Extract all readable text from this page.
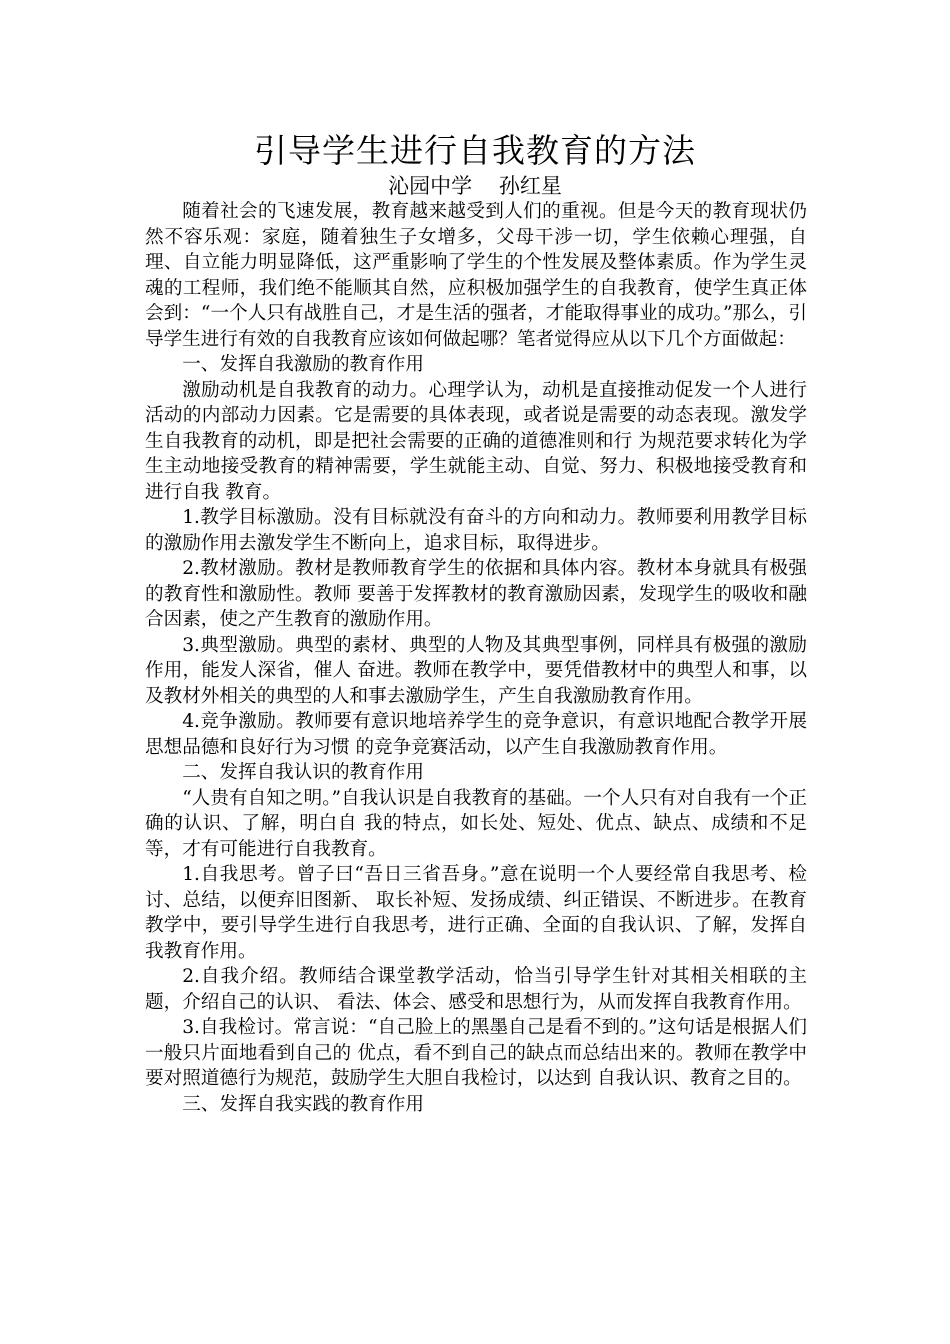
引导学生进行自我教育的方法
沁园中学    孙红星

随着社会的飞速发展，教育越来越受到人们的重视。但是今天的教育现状仍然不容乐观：家庭，随着独生子女增多，父母干涉一切，学生依赖心理强，自理、自立能力明显降低，这严重影响了学生的个性发展及整体素质。作为学生灵魂的工程师，我们绝不能顺其自然，应积极加强学生的自我教育，使学生真正体会到：“一个人只有战胜自己，才是生活的强者，才能取得事业的成功。”那么，引导学生进行有效的自我教育应该如何做起哪？笔者觉得应从以下几个方面做起：

一、发挥自我激励的教育作用

激励动机是自我教育的动力。心理学认为，动机是直接推动促发一个人进行活动的内部动力因素。它是需要的具体表现，或者说是需要的动态表现。激发学生自我教育的动机，即是把社会需要的正确的道德准则和行 为规范要求转化为学生主动地接受教育的精神需要，学生就能主动、自觉、努力、积极地接受教育和进行自我 教育。

1.教学目标激励。没有目标就没有奋斗的方向和动力。教师要利用教学目标的激励作用去激发学生不断向上，追求目标，取得进步。

2.教材激励。教材是教师教育学生的依据和具体内容。教材本身就具有极强的教育性和激励性。教师 要善于发挥教材的教育激励因素，发现学生的吸收和融合因素，使之产生教育的激励作用。

3.典型激励。典型的素材、典型的人物及其典型事例，同样具有极强的激励作用，能发人深省，催人 奋进。教师在教学中，要凭借教材中的典型人和事，以及教材外相关的典型的人和事去激励学生，产生自我激励教育作用。

4.竞争激励。教师要有意识地培养学生的竞争意识，有意识地配合教学开展思想品德和良好行为习惯 的竞争竞赛活动，以产生自我激励教育作用。

二、发挥自我认识的教育作用

“人贵有自知之明。”自我认识是自我教育的基础。一个人只有对自我有一个正确的认识、了解，明白自 我的特点，如长处、短处、优点、缺点、成绩和不足等，才有可能进行自我教育。

1.自我思考。曾子曰“吾日三省吾身。”意在说明一个人要经常自我思考、检讨、总结，以便弃旧图新、 取长补短、发扬成绩、纠正错误、不断进步。在教育教学中，要引导学生进行自我思考，进行正确、全面的自我认识、了解，发挥自我教育作用。

2.自我介绍。教师结合课堂教学活动，恰当引导学生针对其相关相联的主题，介绍自己的认识、 看法、体会、感受和思想行为，从而发挥自我教育作用。

3.自我检讨。常言说：“自己脸上的黑墨自己是看不到的。”这句话是根据人们一般只片面地看到自己的 优点，看不到自己的缺点而总结出来的。教师在教学中要对照道德行为规范，鼓励学生大胆自我检讨，以达到 自我认识、教育之目的。

三、发挥自我实践的教育作用
